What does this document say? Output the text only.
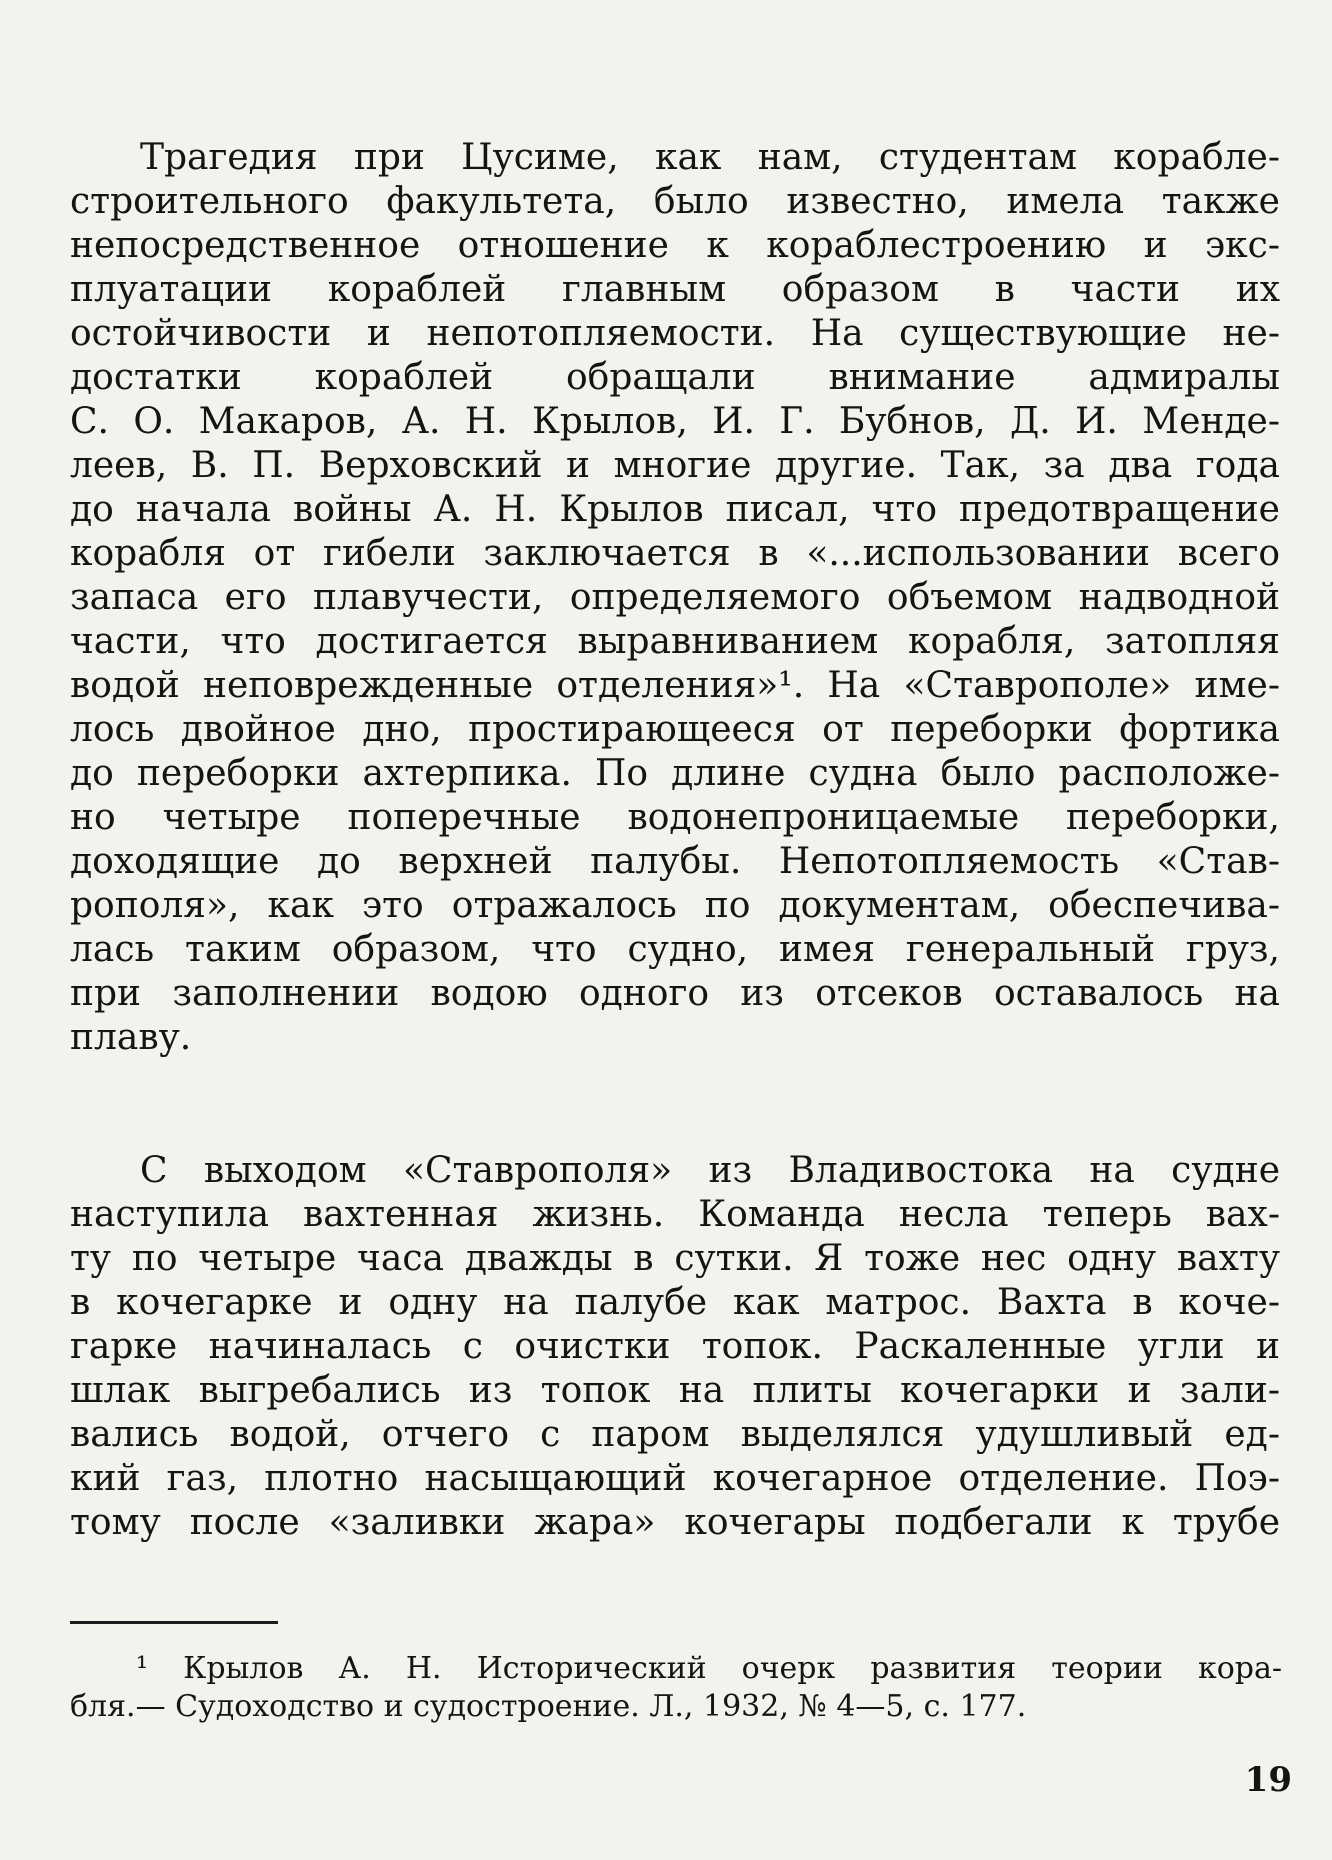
Трагедия при Цусиме, как нам, студентам корабле-
строительного факультета, было известно, имела также
непосредственное отношение к кораблестроению и экс-
плуатации кораблей главным образом в части их
остойчивости и непотопляемости. На существующие не-
достатки кораблей обращали внимание адмиралы
С. О. Макаров, А. Н. Крылов, И. Г. Бубнов, Д. И. Менде-
леев, В. П. Верховский и многие другие. Так, за два года
до начала войны А. Н. Крылов писал, что предотвращение
корабля от гибели заключается в «...использовании всего
запаса его плавучести, определяемого объемом надводной
части, что достигается выравниванием корабля, затопляя
водой неповрежденные отделения»¹. На «Ставрополе» име-
лось двойное дно, простирающееся от переборки фортика
до переборки ахтерпика. По длине судна было расположе-
но четыре поперечные водонепроницаемые переборки,
доходящие до верхней палубы. Непотопляемость «Став-
рополя», как это отражалось по документам, обеспечива-
лась таким образом, что судно, имея генеральный груз,
при заполнении водою одного из отсеков оставалось на
плаву.
С выходом «Ставрополя» из Владивостока на судне
наступила вахтенная жизнь. Команда несла теперь вах-
ту по четыре часа дважды в сутки. Я тоже нес одну вахту
в кочегарке и одну на палубе как матрос. Вахта в коче-
гарке начиналась с очистки топок. Раскаленные угли и
шлак выгребались из топок на плиты кочегарки и зали-
вались водой, отчего с паром выделялся удушливый ед-
кий газ, плотно насыщающий кочегарное отделение. Поэ-
тому после «заливки жара» кочегары подбегали к трубе
¹ Крылов А. Н. Исторический очерк развития теории кора-
бля.— Судоходство и судостроение. Л., 1932, № 4—5, с. 177.
19
